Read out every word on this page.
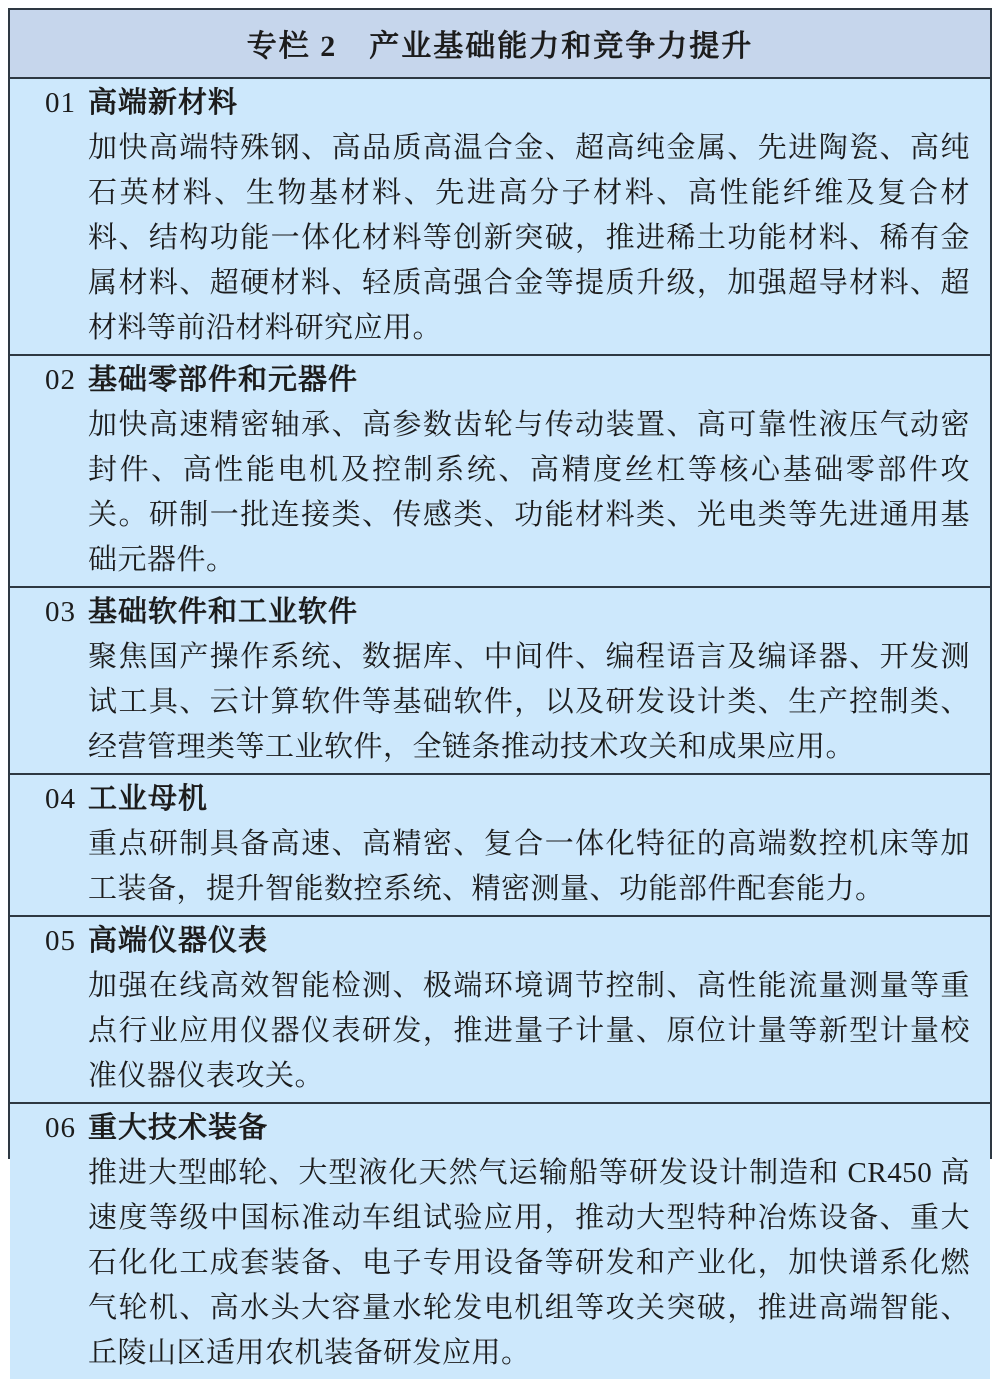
专栏 2　产业基础能力和竞争力提升
01 高端新材料

加快高端特殊钢、高品质高温合金、超高纯金属、先进陶瓷、高纯石英材料、生物基材料、先进高分子材料、高性能纤维及复合材料、结构功能一体化材料等创新突破，推进稀土功能材料、稀有金属材料、超硬材料、轻质高强合金等提质升级，加强超导材料、超材料等前沿材料研究应用。

02 基础零部件和元器件

加快高速精密轴承、高参数齿轮与传动装置、高可靠性液压气动密封件、高性能电机及控制系统、高精度丝杠等核心基础零部件攻关。研制一批连接类、传感类、功能材料类、光电类等先进通用基础元器件。

03 基础软件和工业软件

聚焦国产操作系统、数据库、中间件、编程语言及编译器、开发测试工具、云计算软件等基础软件，以及研发设计类、生产控制类、经营管理类等工业软件，全链条推动技术攻关和成果应用。

04 工业母机

重点研制具备高速、高精密、复合一体化特征的高端数控机床等加工装备，提升智能数控系统、精密测量、功能部件配套能力。

05 高端仪器仪表

加强在线高效智能检测、极端环境调节控制、高性能流量测量等重点行业应用仪器仪表研发，推进量子计量、原位计量等新型计量校准仪器仪表攻关。

06 重大技术装备

推进大型邮轮、大型液化天然气运输船等研发设计制造和 CR450 高速度等级中国标准动车组试验应用，推动大型特种冶炼设备、重大石化化工成套装备、电子专用设备等研发和产业化，加快谱系化燃气轮机、高水头大容量水轮发电机组等攻关突破，推进高端智能、丘陵山区适用农机装备研发应用。
